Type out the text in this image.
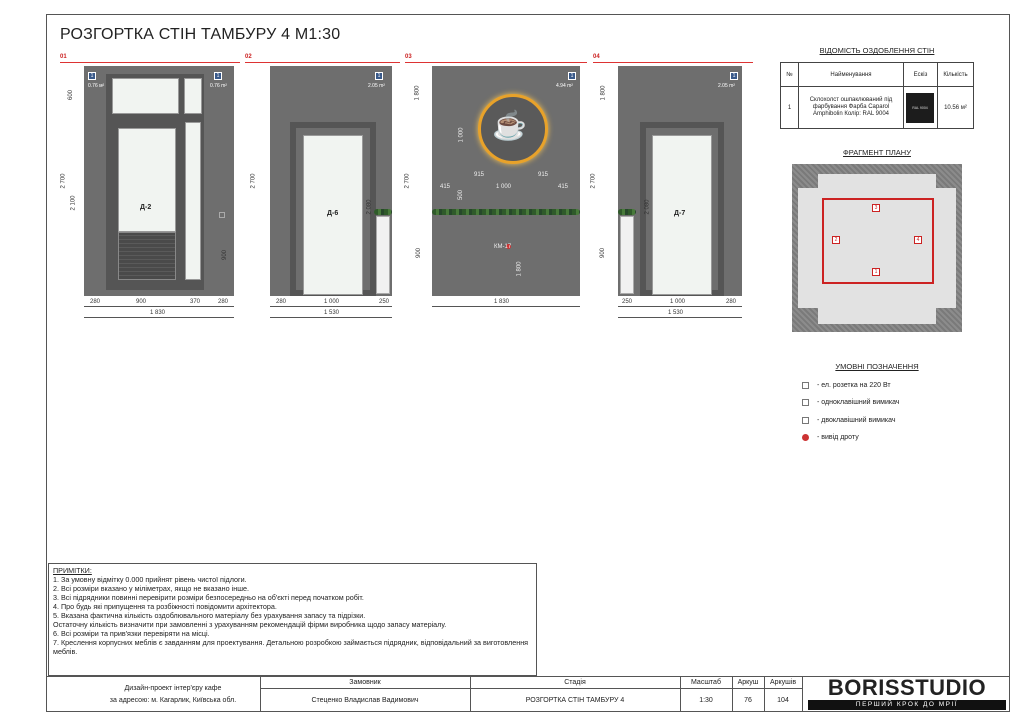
РОЗГОРТКА СТІН ТАМБУРУ 4 М1:30
01	02	03	04
1
0.76 м²
1
0.76 m²
Д-2
2 700
2 100
600
900
280	900	370	280
1 830
1
2.05 m²
Д-6
2 700
2 080
280	1 000	250
1 530
1
4.94 m²
☕
КМ-17
915	915
1 000
415	415
1 000
500
1 800
1 800
2 700
900
1 830
1
2.05 m²
Д-7
1 800
2 700
900
2 080
250	1 000	280
1 530
ВІДОМІСТЬ ОЗДОБЛЕННЯ СТІН
№	Найменування	Ескіз	Кількість
1	Склохолст ошпаклюваний під фарбування Фарба Caparol Amphibolin Колір: RAL 9004	RAL 9004	10.56 м²
ФРАГМЕНТ ПЛАНУ
3
2	4
1
УМОВНІ ПОЗНАЧЕННЯ
- ел. розетка на 220 Вт
- одноклавішний вимикач
- двоклавішний вимикач
- вивід дроту
ПРИМІТКИ:
1. За умовну відмітку 0.000 прийнят рівень чистої підлоги.
2. Всі розміри вказано у міліметрах, якщо не вказано інше.
3. Всі підрядники повинні перевірити розміри безпосередньо на об'єкті перед початком робіт.
4. Про будь які припущення та розбіжності повідомити архітектора.
5. Вказана фактична кількість оздоблювального матеріалу без урахування запасу та підрізки.
Остаточну кількість визначити при замовленні з урахуванням рекомендацій фірми виробника щодо запасу матеріалу.
6. Всі розміри та прив'язки перевіряти на місці.
7. Креслення корпусних меблів є завданням для проектування. Детальною розробкою займається підрядник, відповідальний за виготовлення меблів.
Дизайн-проект інтер'єру кафе
за адресою: м. Кагарлик, Київська обл.
Замовник
Стеценко Владислав Вадимович
Стадія
РОЗГОРТКА СТІН ТАМБУРУ 4
Масштаб
1:30
Аркуш
76
Аркушів
104
BORISSTUDIO
ПЕРШИЙ КРОК ДО МРІЇ
